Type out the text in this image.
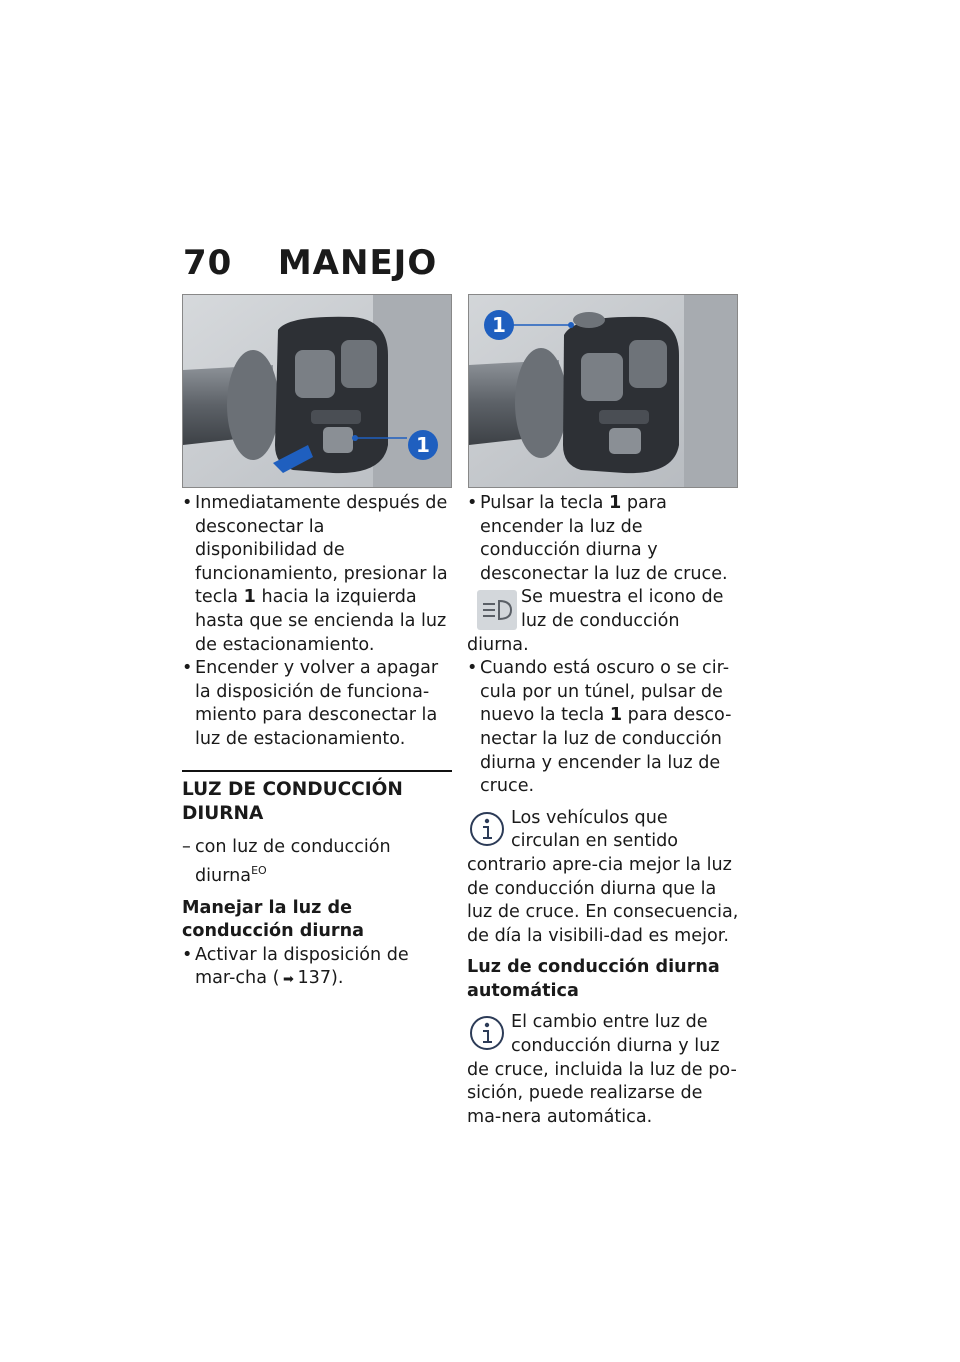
70 MANEJO
1
1
• Inmediatamente después de desconectar la disponibilidad de funcionamiento, presionar la tecla 1 hacia la izquierda hasta que se encienda la luz de estacionamiento.
• Encender y volver a apagar la disposición de funciona-miento para desconectar la luz de estacionamiento.
LUZ DE CONDUCCIÓN DIURNA
– con luz de conducción diurna$^{EO}$
Manejar la luz de conducción diurna
• Activar la disposición de mar-cha ( ➡ 137).
• Pulsar la tecla 1 para encender la luz de conducción diurna y desconectar la luz de cruce.
Se muestra el icono de luz de conducción diurna.
• Cuando está oscuro o se cir-cula por un túnel, pulsar de nuevo la tecla 1 para desco-nectar la luz de conducción diurna y encender la luz de cruce.
Los vehículos que circulan en sentido contrario apre-cia mejor la luz de conducción diurna que la luz de cruce. En consecuencia, de día la visibili-dad es mejor.
Luz de conducción diurna automática
El cambio entre luz de conducción diurna y luz de cruce, incluida la luz de po-sición, puede realizarse de ma-nera automática.
